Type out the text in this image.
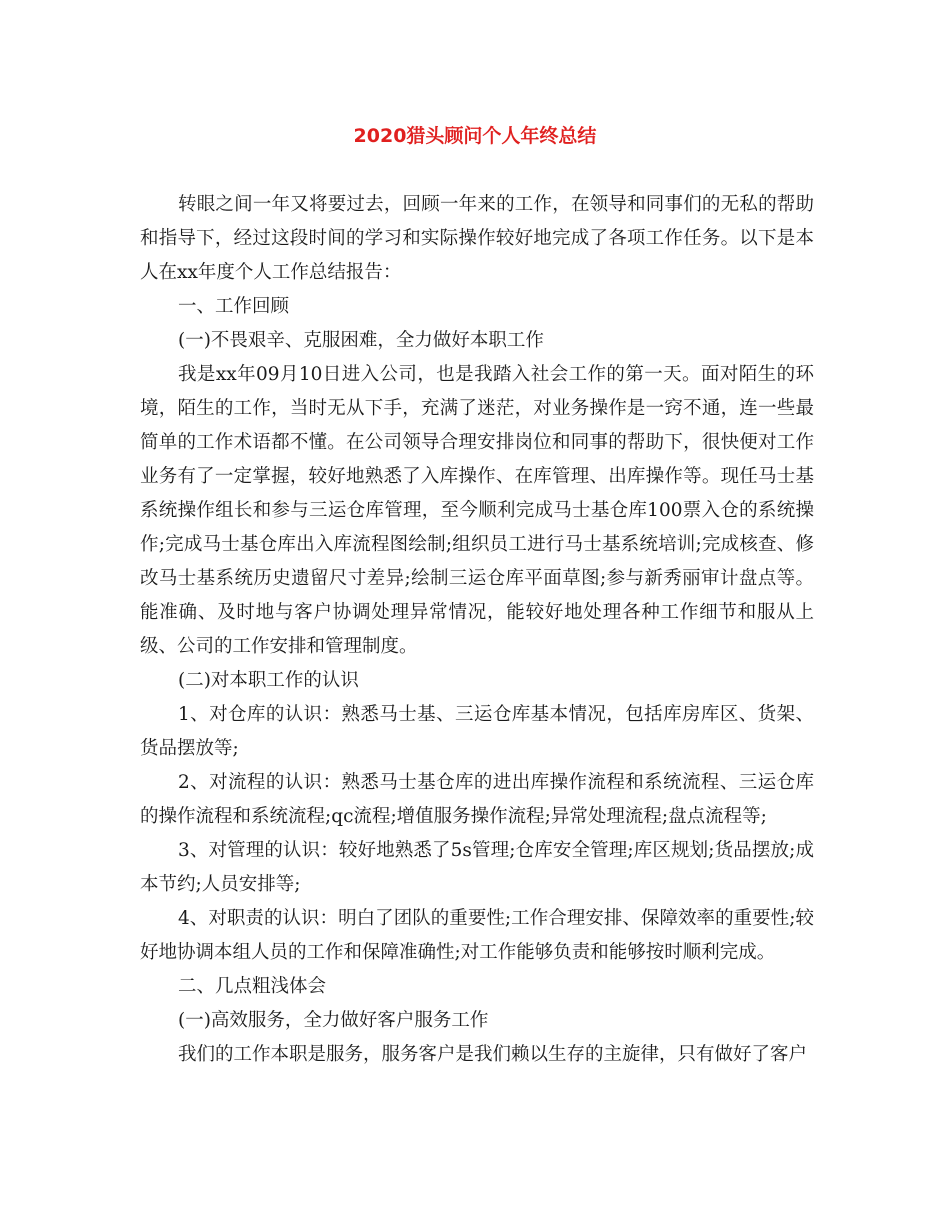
2020猎头顾问个人年终总结

转眼之间一年又将要过去，回顾一年来的工作，在领导和同事们的无私的帮助和指导下，经过这段时间的学习和实际操作较好地完成了各项工作任务。以下是本人在xx年度个人工作总结报告：

一、工作回顾

(一)不畏艰辛、克服困难，全力做好本职工作

我是xx年09月10日进入公司，也是我踏入社会工作的第一天。面对陌生的环境，陌生的工作，当时无从下手，充满了迷茫，对业务操作是一窍不通，连一些最简单的工作术语都不懂。在公司领导合理安排岗位和同事的帮助下，很快便对工作业务有了一定掌握，较好地熟悉了入库操作、在库管理、出库操作等。现任马士基系统操作组长和参与三运仓库管理，至今顺利完成马士基仓库100票入仓的系统操作;完成马士基仓库出入库流程图绘制;组织员工进行马士基系统培训;完成核查、修改马士基系统历史遗留尺寸差异;绘制三运仓库平面草图;参与新秀丽审计盘点等。能准确、及时地与客户协调处理异常情况，能较好地处理各种工作细节和服从上级、公司的工作安排和管理制度。

(二)对本职工作的认识

1、对仓库的认识：熟悉马士基、三运仓库基本情况，包括库房库区、货架、货品摆放等;

2、对流程的认识：熟悉马士基仓库的进出库操作流程和系统流程、三运仓库的操作流程和系统流程;qc流程;增值服务操作流程;异常处理流程;盘点流程等;

3、对管理的认识：较好地熟悉了5s管理;仓库安全管理;库区规划;货品摆放;成本节约;人员安排等;

4、对职责的认识：明白了团队的重要性;工作合理安排、保障效率的重要性;较好地协调本组人员的工作和保障准确性;对工作能够负责和能够按时顺利完成。

二、几点粗浅体会

(一)高效服务，全力做好客户服务工作

我们的工作本职是服务，服务客户是我们赖以生存的主旋律，只有做好了客户
